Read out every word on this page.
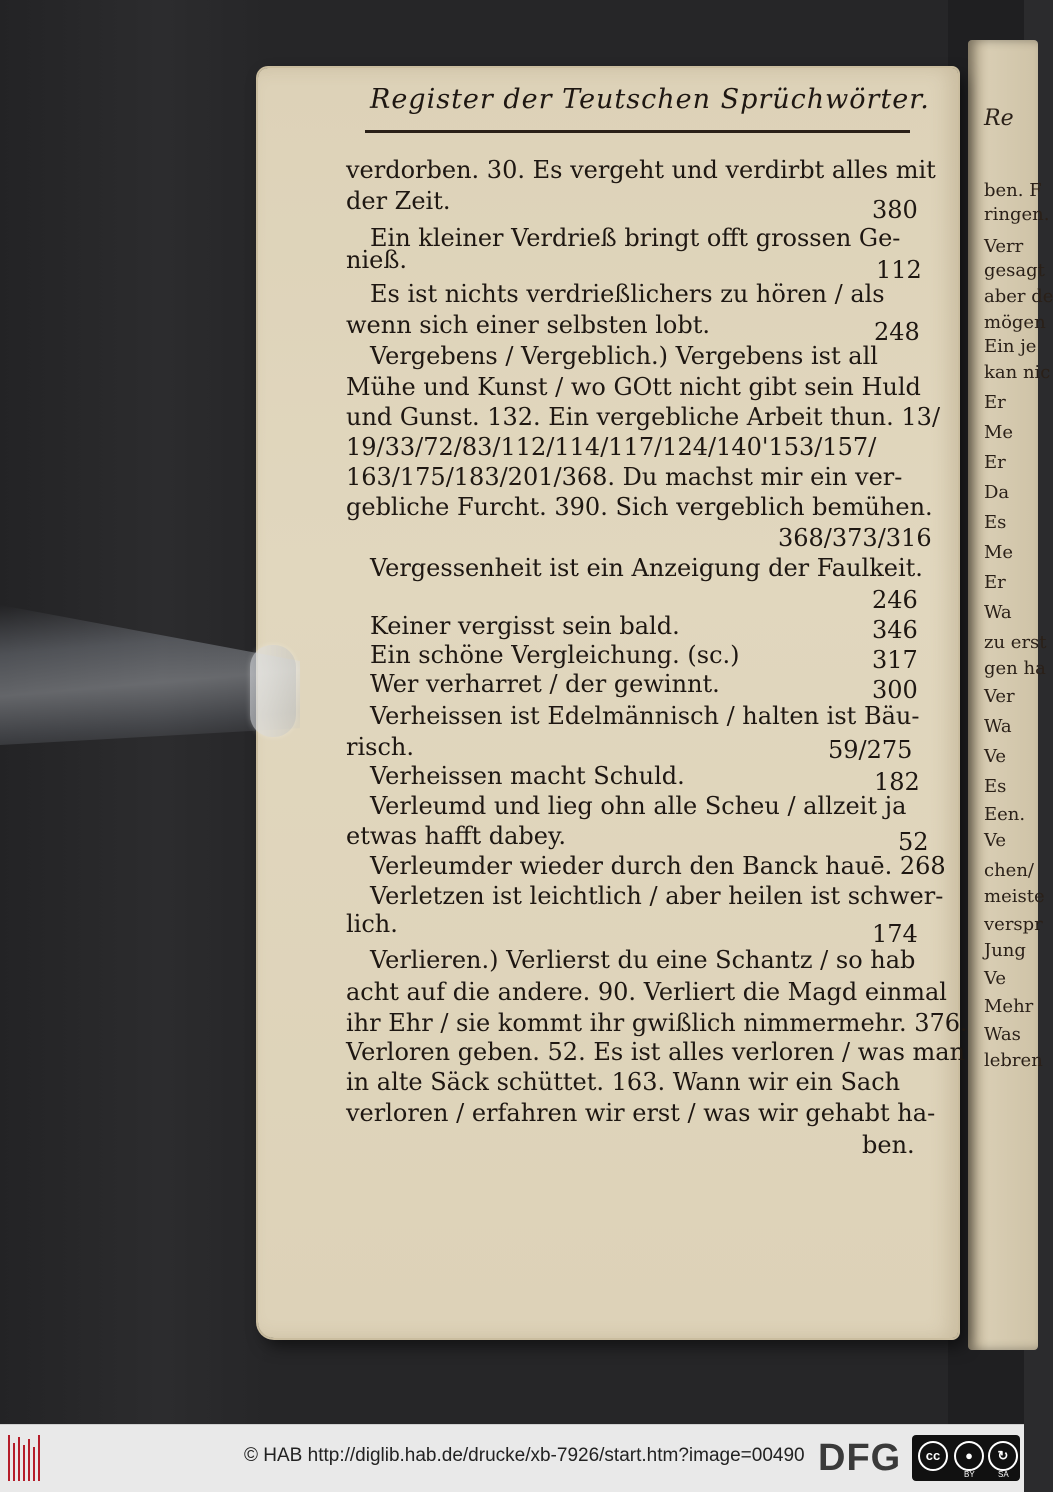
Re
ben. F
ringen.
Verr
gesagt
aber de
mögen
Ein je
kan nic
Er
Me
Er
Da
Es
Me
Er
Wa
zu erst
gen ha
Ver
Wa
Ve
Es
Een.
Ve
chen/
meiste
verspr
Jung
Ve
Mehr
Was
lebren
Register der Teutschen Sprüchwörter.
verdorben. 30. Es vergeht und verdirbt alles mit
der Zeit.	380
Ein kleiner Verdrieß bringt offt grossen Ge-
nieß.	112
Es ist nichts verdrießlichers zu hören / als
wenn sich einer selbsten lobt.	248
Vergebens / Vergeblich.) Vergebens ist all
Mühe und Kunst / wo GOtt nicht gibt sein Huld
und Gunst. 132. Ein vergebliche Arbeit thun. 13/
19/33/72/83/112/114/117/124/140'153/157/
163/175/183/201/368. Du machst mir ein ver-
gebliche Furcht. 390. Sich vergeblich bemühen.
368/373/316
Vergessenheit ist ein Anzeigung der Faulkeit.
246
Keiner vergisst sein bald.	346
Ein schöne Vergleichung. (sc.)	317
Wer verharret / der gewinnt.	300
Verheissen ist Edelmännisch / halten ist Bäu-
risch.	59/275
Verheissen macht Schuld.	182
Verleumd und lieg ohn alle Scheu / allzeit ja
etwas hafft dabey.	52
Verleumder wieder durch den Banck hauē. 268
Verletzen ist leichtlich / aber heilen ist schwer-
lich.	174
Verlieren.) Verlierst du eine Schantz / so hab
acht auf die andere. 90. Verliert die Magd einmal
ihr Ehr / sie kommt ihr gwißlich nimmermehr. 376.
Verloren geben. 52. Es ist alles verloren / was man
in alte Säck schüttet. 163. Wann wir ein Sach
verloren / erfahren wir erst / was wir gehabt ha-
ben.
© HAB http://diglib.hab.de/drucke/xb-7926/start.htm?image=00490 DFG	cc	●	↻
BY	SA
